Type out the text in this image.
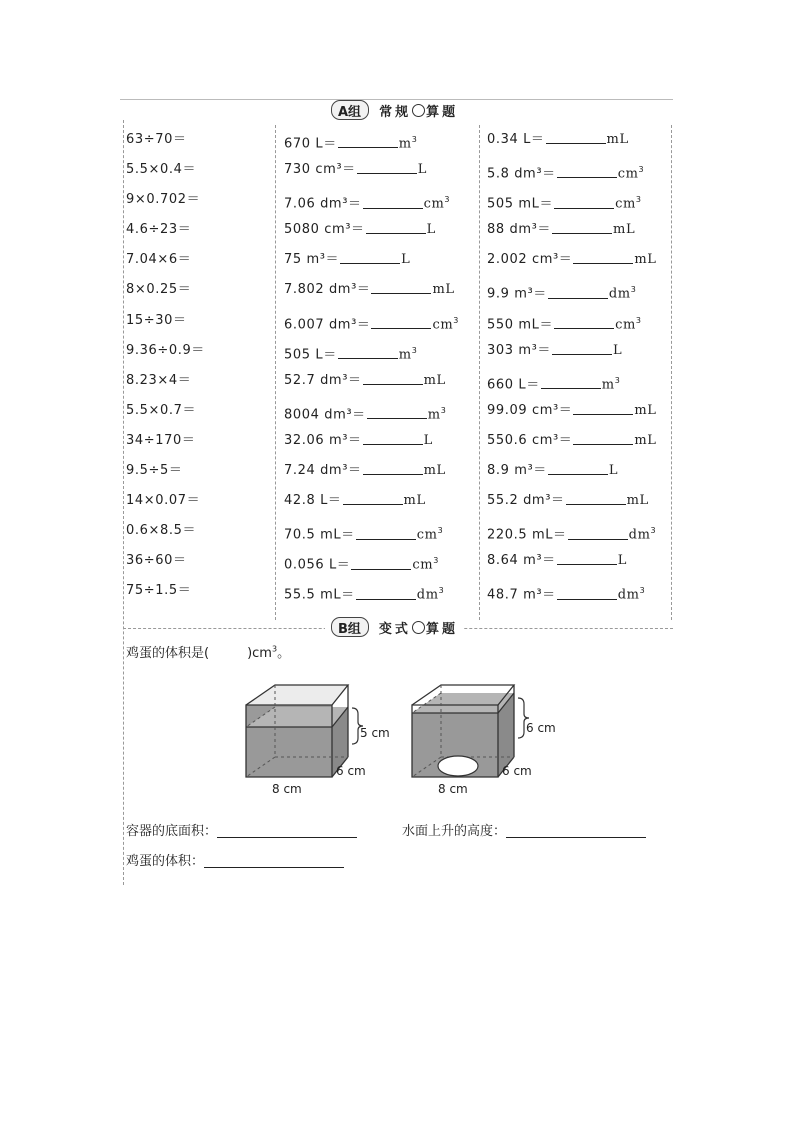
A组	常规 算题
63÷70＝
5.5×0.4＝
9×0.702＝
4.6÷23＝
7.04×6＝
8×0.25＝
15÷30＝
9.36÷0.9＝
8.23×4＝
5.5×0.7＝
34÷170＝
9.5÷5＝
14×0.07＝
0.6×8.5＝
36÷60＝
75÷1.5＝
670 L＝	$m^3$
730 cm³＝	L
7.06 dm³＝	$cm^3$
5080 cm³＝	L
75 m³＝	L
7.802 dm³＝	mL
6.007 dm³＝	$cm^3$
505 L＝	$m^3$
52.7 dm³＝	mL
8004 dm³＝	$m^3$
32.06 m³＝	L
7.24 dm³＝	mL
42.8 L＝	mL
70.5 mL＝	$cm^3$
0.056 L＝	$cm^3$
55.5 mL＝	$dm^3$
0.34 L＝	mL
5.8 dm³＝	$cm^3$
505 mL＝	$cm^3$
88 dm³＝	mL
2.002 cm³＝	mL
9.9 m³＝	$dm^3$
550 mL＝	$cm^3$
303 m³＝	L
660 L＝	$m^3$
99.09 cm³＝	mL
550.6 cm³＝	mL
8.9 m³＝	L
55.2 dm³＝	mL
220.5 mL＝	$dm^3$
8.64 m³＝	L
48.7 m³＝	$dm^3$
B组	变式 算题
鸡蛋的体积是(	)$cm^3$。
5 cm
6 cm
8 cm
6 cm
6 cm
8 cm
容器的底面积：	水面上升的高度：
鸡蛋的体积：
